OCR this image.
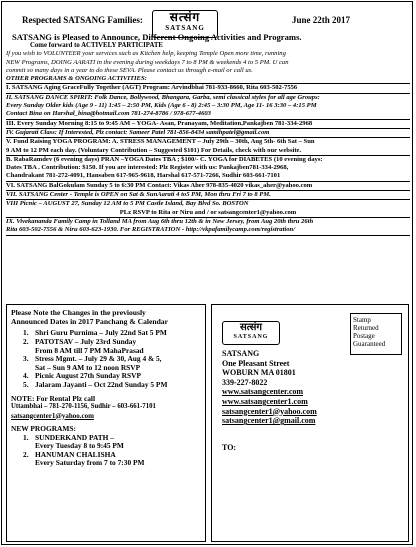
Respected SATSANG Families:	सत्संग
SATSANG
June 22th 2017
SATSANG is Pleased to Announce, Different Ongoing Activities and Programs.
Come forward to ACTIVELY PARTICIPATE
If you wish to VOLUNTEER your services such as Kitchen help, keeping Temple Open more time, running
NEW Programs, DOING AARATI in the evening during weekdays 7 to 8 PM & weekends 4 to 5 PM. U can
commit so many days in a year to do these SEVA. Please contact us through e-mail or call us.
OTHER PROGRAMS & ONGOING ACTIVITIES:
I. SATSANG Aging GraceFully Together (AGT) Program: Arvindbhai 781-933-8660, Rita 603-502-7556
II. SATSANG DANCE SPIRIT: Folk Dance, Bollywood, Bhangara, Garba, semi classical styles for all age Groups:
Every Sunday Older kids (Age 9 - 11) 1:45 – 2:50 PM, Kids (Age 6 - 8) 2:45 – 3:30 PM, Age 11- 16 3:30 – 4:15 PM
Contact Bina on Harshal_bina@hotmail.com 781-274-8786 / 978-677-4603
III. Every Sunday Morning 8:15 to 9:45 AM – YOGA- Asan, Pranayam, Meditation,Pankajben 781-334-2968
IV. Gujarati Class: If Interested, Plz contact: Sameer Patel 781-856-8434 samihpatel@gmail.com
V. Fund Raising YOGA PROGRAM: A. STRESS MANAGEMENT – July 29th – 30th, Aug 5th- 6th Sat – Sun
9 AM to 12 PM each day. (Voluntary Contribution – Suggested $101) For Details, check with our website.
B. RabaRamdev (6 evening days) PRAN –YOGA Dates TBA ; $100/- C. YOGA for DIABETES (10 evening days:
Dates TBA . Contribution: $150. If you are interested: Plz Register with us: Pankajben781-334-2968,
Chandrakant 781-272-4091, Hansaben 617-965-9618, Harshal 617-571-7266, Sudhir 603-661-7101
VI. SATSANG BalGokulam Sunday 5 to 6:30 PM Contact: Vikas Aher 978-835-4020 vikas_aher@yahoo.com
VII. SATSANG Center - Temple is OPEN on Sat & SunAarati 4 to5 PM, Mon thru Fri 7 to 8 PM.
VIII Picnic – AUGUST 27, Sunday 12 AM to 5 PM Castle Island, Bay Blvd So. BOSTON
PLz RSVP to Rita or Niru and / or satsangcenter1@yahoo.com
IX. Vivekananda Family Camp in Tolland MA from Aug 6th thru 12th & in New Jersey, from Aug 20th thru 26th
Rita 603-502-7556 & Niru 603-623-1930. For REGISTRATION - http://vkpafamilycamp.com/registration/
Please Note the Changes in the previously
Announced Dates in 2017 Panchang & Calendar
1. Shri Guru Purnima – July 22nd Sat 5 PM
2. PATOTSAV – July 23rd Sunday
From 8 AM till 7 PM MahaPrasad
3. Stress Mgmt. – July 29 & 30, Aug 4 & 5,
Sat – Sun 9 AM to 12 noon RSVP
4. Picnic August 27th Sunday RSVP
5. Jalaram Jayanti – Oct 22nd Sunday 5 PM
NOTE: For Rental Plz call
Uttambhai – 781-270-1156, Sudhir – 603-661-7101
satsangcenter1@yahoo.com
NEW PROGRAMS:
1. SUNDERKAND PATH –
Every Tuesday 8 to 9:45 PM
2. HANUMAN CHALISHA
Every Saturday from 7 to 7:30 PM
सत्संग
SATSANG
Stamp
Returned
Postage
Guaranteed
SATSANG
One Pleasant Street
WOBURN MA 01801
339-227-8022
www.satsangcenter.com
www.satsangcenter1.com
satsangcenter1@yahoo.com
satsangcenter1@gmail.com
TO:
